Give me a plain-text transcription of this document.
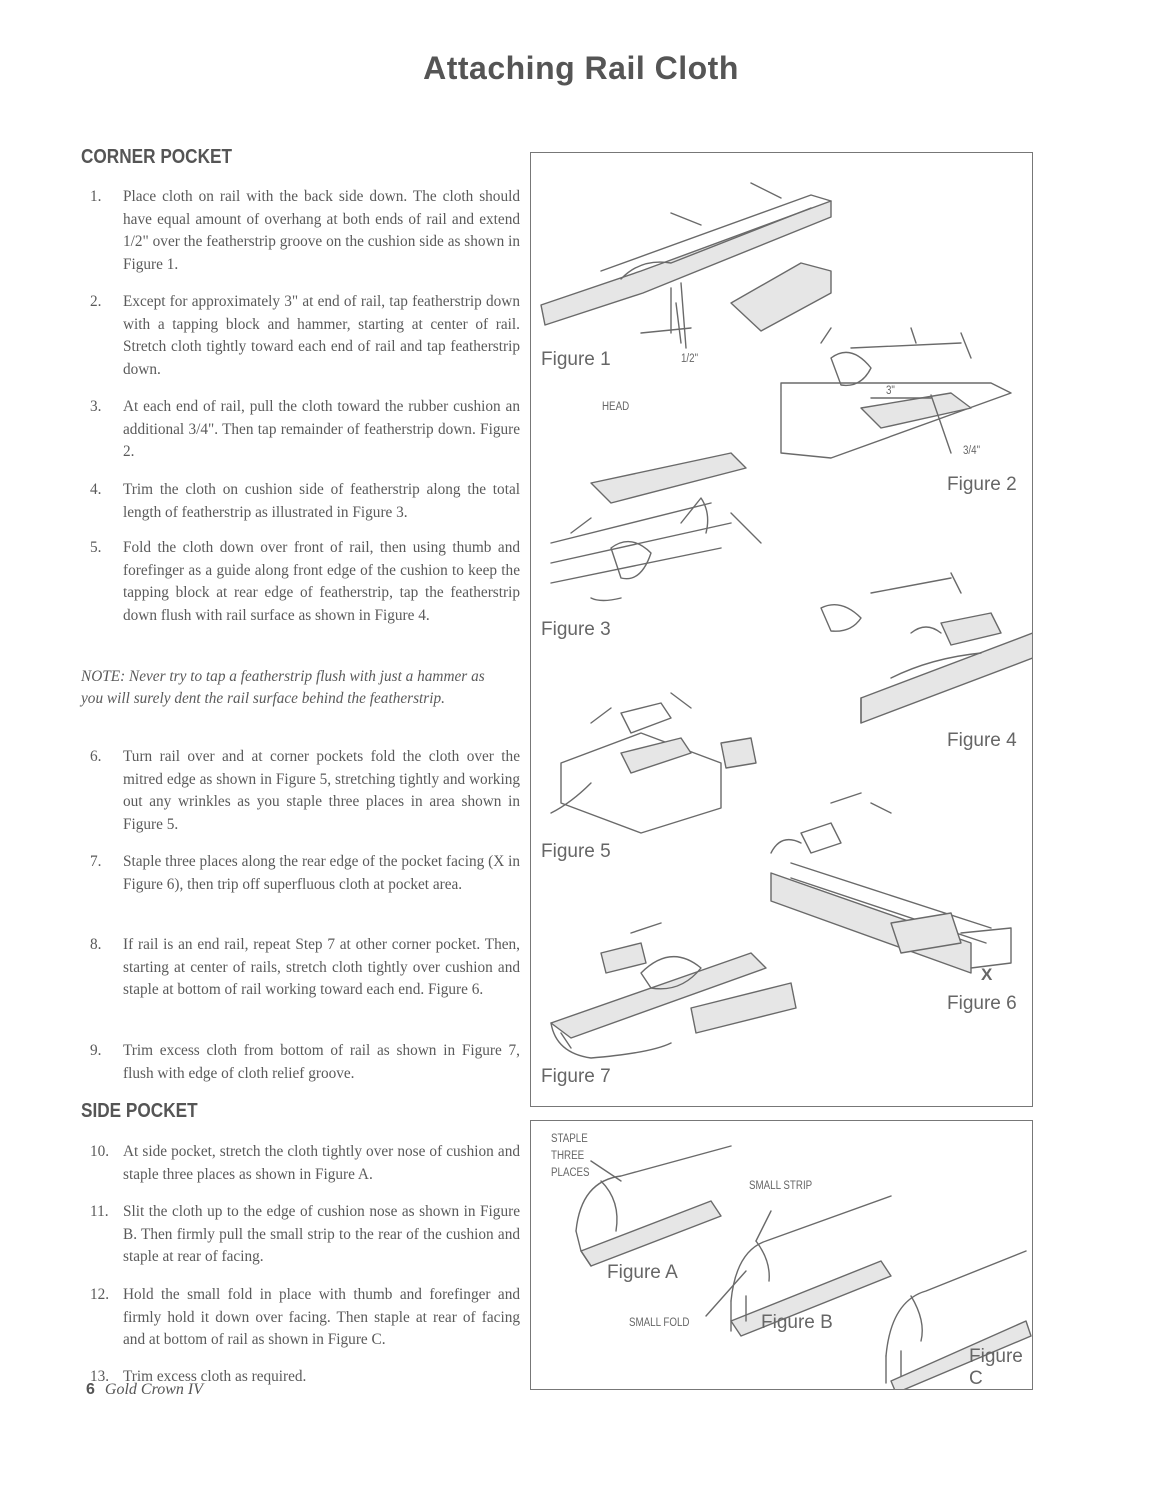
Attaching Rail Cloth
CORNER POCKET
1.	Place cloth on rail with the back side down. The cloth should have equal amount of overhang at both ends of rail and extend 1/2" over the featherstrip groove on the cushion side as shown in Figure 1.
2.	Except for approximately 3" at end of rail, tap featherstrip down with a tapping block and hammer, starting at center of rail. Stretch cloth tightly toward each end of rail and tap featherstrip down.
3.	At each end of rail, pull the cloth toward the rubber cushion an additional 3/4". Then tap remainder of featherstrip down. Figure 2.
4.	Trim the cloth on cushion side of featherstrip along the total length of featherstrip as illustrated in Figure 3.
5.	Fold the cloth down over front of rail, then using thumb and forefinger as a guide along front edge of the cushion to keep the tapping block at rear edge of featherstrip, tap the featherstrip down flush with rail surface as shown in Figure 4.
NOTE: Never try to tap a featherstrip flush with just a hammer as you will surely dent the rail surface behind the featherstrip.
6.	Turn rail over and at corner pockets fold the cloth over the mitred edge as shown in Figure 5, stretching tightly and working out any wrinkles as you staple three places in area shown in Figure 5.
7.	Staple three places along the rear edge of the pocket facing (X in Figure 6), then trip off superfluous cloth at pocket area.
8.	If rail is an end rail, repeat Step 7 at other corner pocket. Then, starting at center of rails, stretch cloth tightly over cushion and staple at bottom of rail working toward each end. Figure 6.
9.	Trim excess cloth from bottom of rail as shown in Figure 7, flush with edge of cloth relief groove.
SIDE POCKET
10. At side pocket, stretch the cloth tightly over nose of cushion and staple three places as shown in Figure A.
11. Slit the cloth up to the edge of cushion nose as shown in Figure B. Then firmly pull the small strip to the rear of the cushion and staple at rear of facing.
12. Hold the small fold in place with thumb and forefinger and firmly hold it down over facing. Then staple at rear of facing and at bottom of rail as shown in Figure C.
13. Trim excess cloth as required.
Figure 1	1/2"
HEAD
3"
3/4"
Figure 2
Figure 3
Figure 4
Figure 5
X
Figure 6
Figure 7
STAPLE
THREE
PLACES
SMALL STRIP
Figure A
SMALL FOLD	Figure B
Figure C
6 Gold Crown IV
